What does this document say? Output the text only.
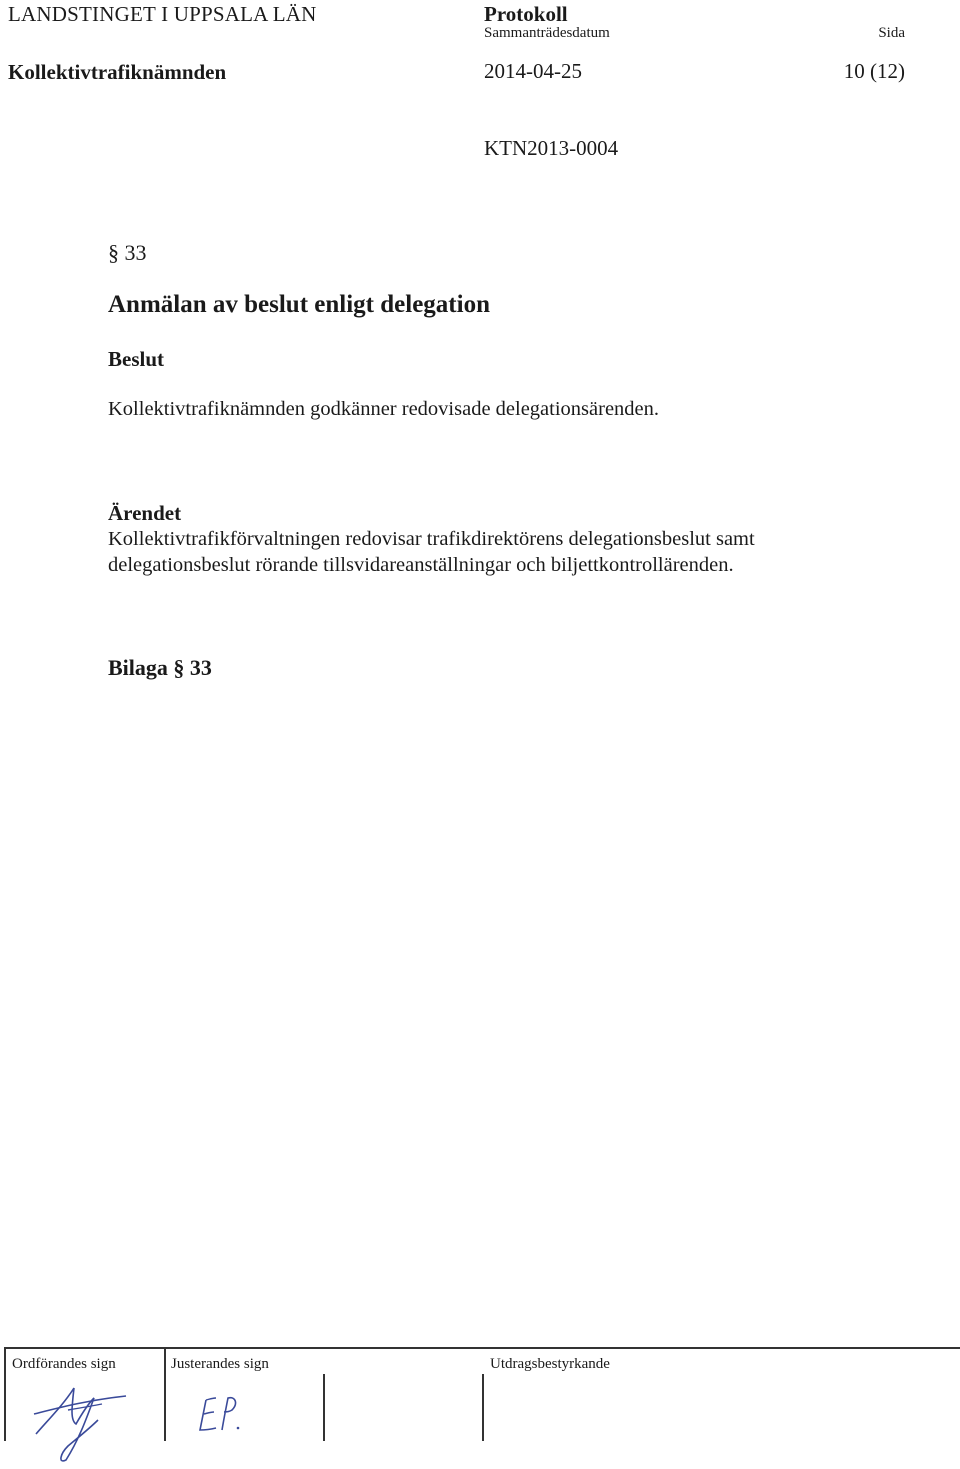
LANDSTINGET I UPPSALA LÄN
Kollektivtrafiknämnden
Protokoll
Sammanträdesdatum
2014-04-25
Sida
10 (12)
KTN2013-0004
§ 33
Anmälan av beslut enligt delegation
Beslut
Kollektivtrafiknämnden godkänner redovisade delegationsärenden.
Ärendet
Kollektivtrafikförvaltningen redovisar trafikdirektörens delegationsbeslut samt delegationsbeslut rörande tillsvidareanställningar och biljettkontrollärenden.
Bilaga § 33
Ordförandes sign	Justerandes sign	Utdragsbestyrkande
